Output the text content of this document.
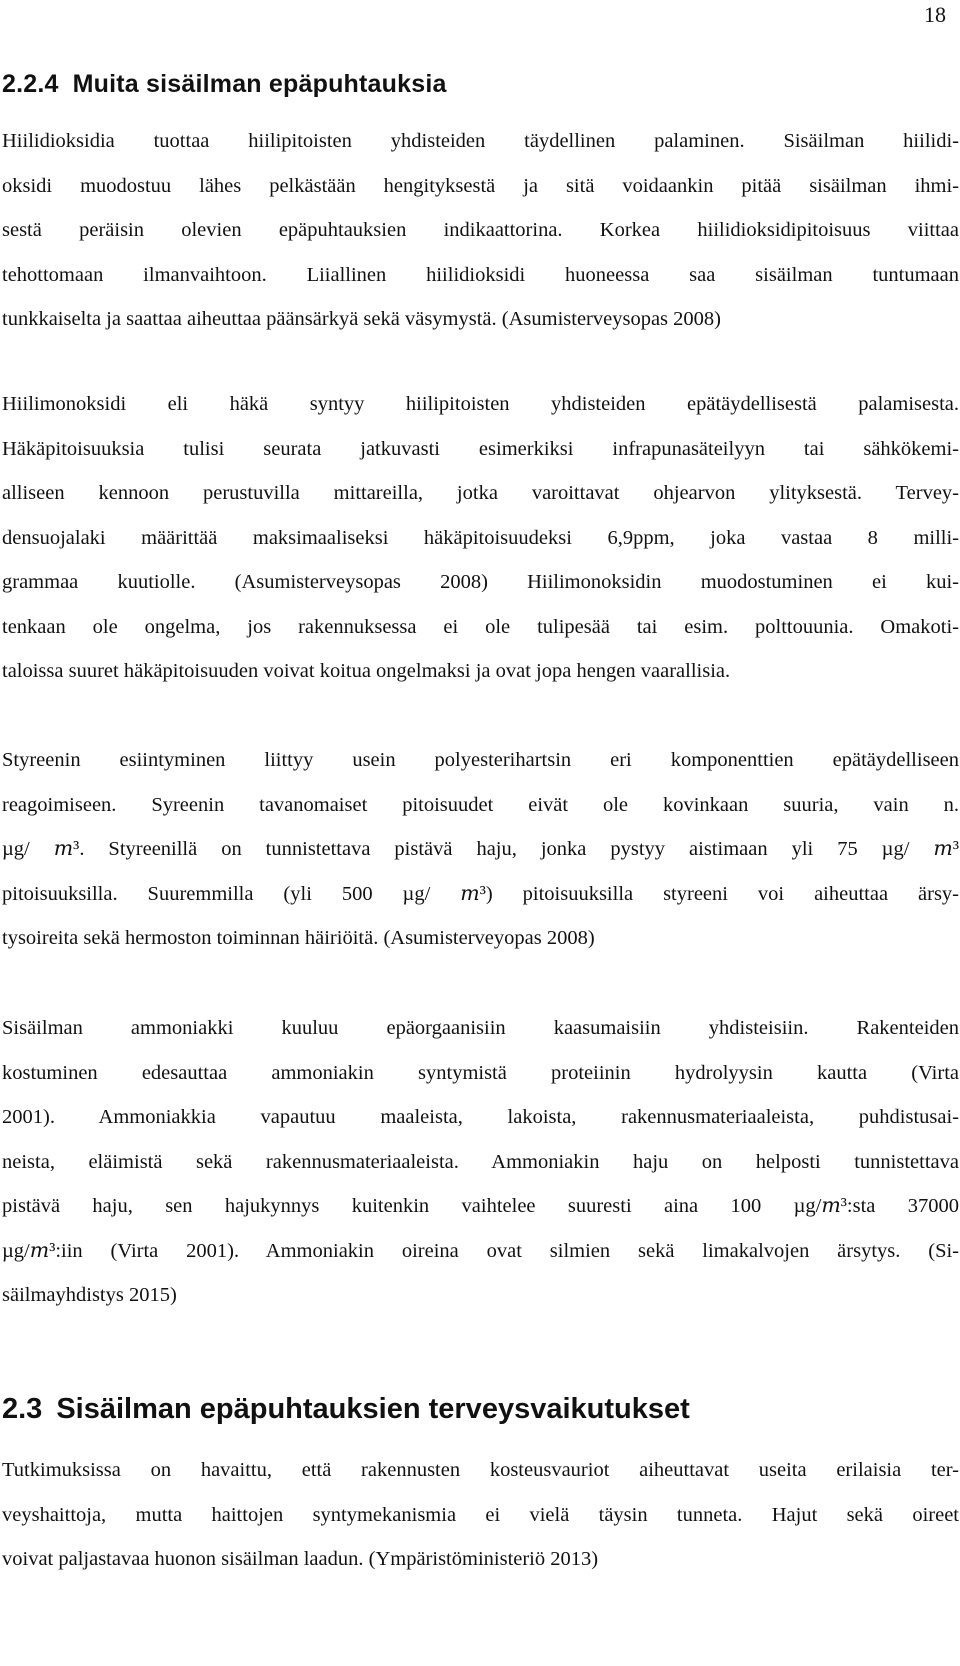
18
2.2.4 Muita sisäilman epäpuhtauksia
Hiilidioksidia tuottaa hiilipitoisten yhdisteiden täydellinen palaminen. Sisäilman hiilidi-
oksidi muodostuu lähes pelkästään hengityksestä ja sitä voidaankin pitää sisäilman ihmi-
sestä peräisin olevien epäpuhtauksien indikaattorina. Korkea hiilidioksidipitoisuus viittaa
tehottomaan ilmanvaihtoon. Liiallinen hiilidioksidi huoneessa saa sisäilman tuntumaan
tunkkaiselta ja saattaa aiheuttaa päänsärkyä sekä väsymystä. (Asumisterveysopas 2008)
Hiilimonoksidi eli häkä syntyy hiilipitoisten yhdisteiden epätäydellisestä palamisesta.
Häkäpitoisuuksia tulisi seurata jatkuvasti esimerkiksi infrapunasäteilyyn tai sähkökemi-
alliseen kennoon perustuvilla mittareilla, jotka varoittavat ohjearvon ylityksestä. Tervey-
densuojalaki määrittää maksimaaliseksi häkäpitoisuudeksi 6,9ppm, joka vastaa 8 milli-
grammaa kuutiolle. (Asumisterveysopas 2008) Hiilimonoksidin muodostuminen ei kui-
tenkaan ole ongelma, jos rakennuksessa ei ole tulipesää tai esim. polttouunia. Omakoti-
taloissa suuret häkäpitoisuuden voivat koitua ongelmaksi ja ovat jopa hengen vaarallisia.
Styreenin esiintyminen liittyy usein polyesterihartsin eri komponenttien epätäydelliseen
reagoimiseen. Syreenin tavanomaiset pitoisuudet eivät ole kovinkaan suuria, vain n.
µg/ 𝑚³. Styreenillä on tunnistettava pistävä haju, jonka pystyy aistimaan yli 75 µg/ 𝑚³
pitoisuuksilla. Suuremmilla (yli 500 µg/ 𝑚³) pitoisuuksilla styreeni voi aiheuttaa ärsy-
tysoireita sekä hermoston toiminnan häiriöitä. (Asumisterveyopas 2008)
Sisäilman ammoniakki kuuluu epäorgaanisiin kaasumaisiin yhdisteisiin. Rakenteiden
kostuminen edesauttaa ammoniakin syntymistä proteiinin hydrolyysin kautta (Virta
2001). Ammoniakkia vapautuu maaleista, lakoista, rakennusmateriaaleista, puhdistusai-
neista, eläimistä sekä rakennusmateriaaleista. Ammoniakin haju on helposti tunnistettava
pistävä haju, sen hajukynnys kuitenkin vaihtelee suuresti aina 100 µg/𝑚³:sta 37000
µg/𝑚³:iin (Virta 2001). Ammoniakin oireina ovat silmien sekä limakalvojen ärsytys. (Si-
säilmayhdistys 2015)
2.3 Sisäilman epäpuhtauksien terveysvaikutukset
Tutkimuksissa on havaittu, että rakennusten kosteusvauriot aiheuttavat useita erilaisia ter-
veyshaittoja, mutta haittojen syntymekanismia ei vielä täysin tunneta. Hajut sekä oireet
voivat paljastavaa huonon sisäilman laadun. (Ympäristöministeriö 2013)
